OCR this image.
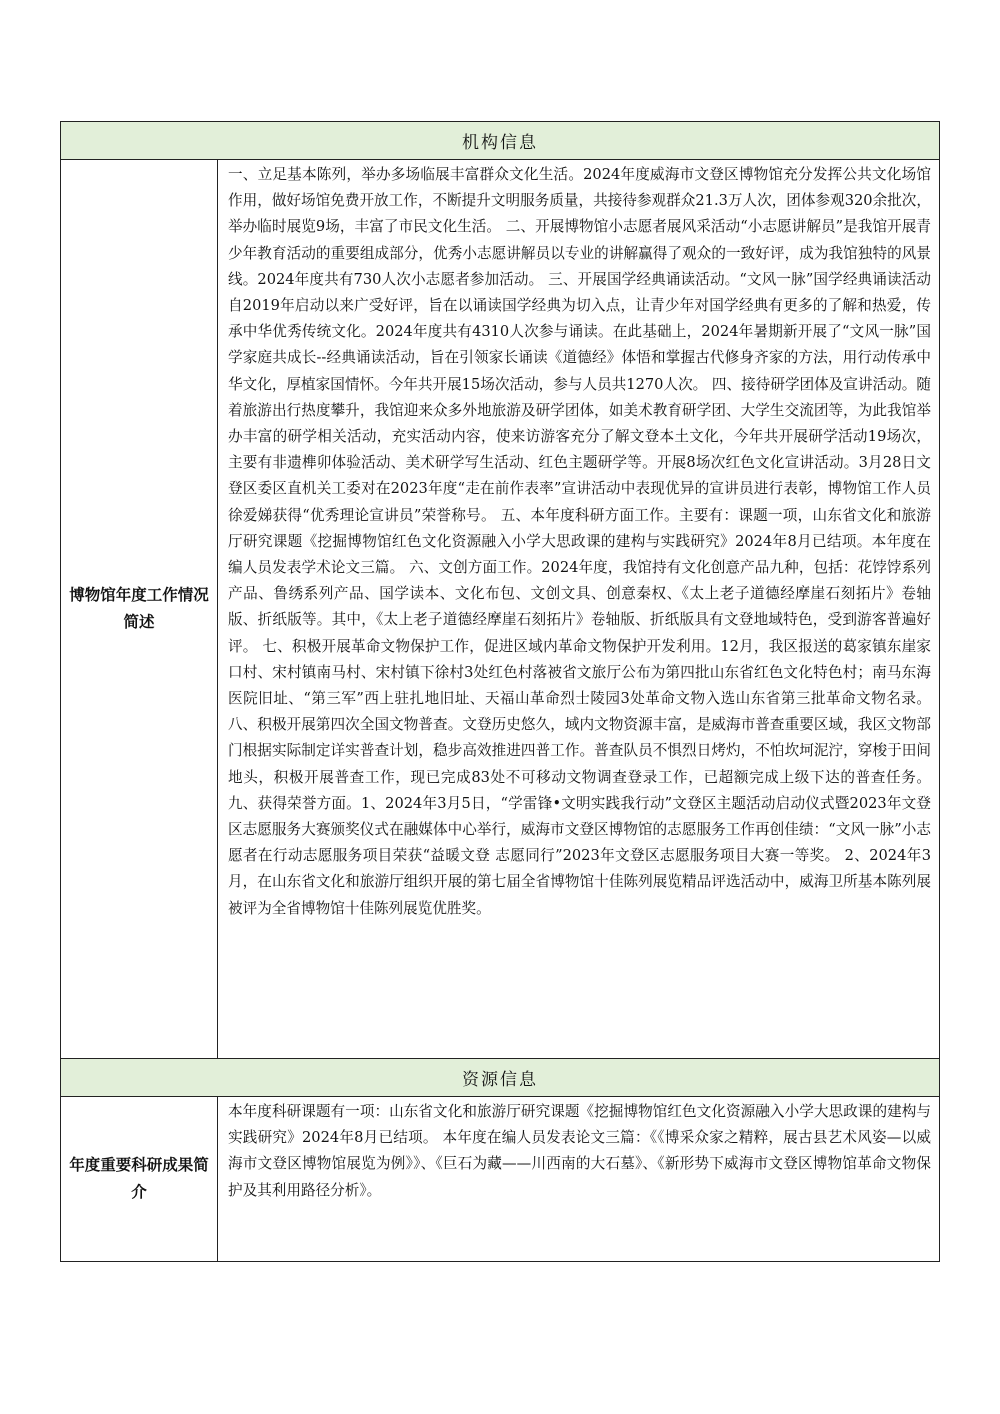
机构信息	
博物馆年度工作情况简述	一、立足基本陈列，举办多场临展丰富群众文化生活。2024年度威海市文登区博物馆充分发挥公共文化场馆作用，做好场馆免费开放工作，不断提升文明服务质量，共接待参观群众21.3万人次，团体参观320余批次，举办临时展览9场，丰富了市民文化生活。 二、开展博物馆小志愿者展风采活动“小志愿讲解员”是我馆开展青少年教育活动的重要组成部分，优秀小志愿讲解员以专业的讲解赢得了观众的一致好评，成为我馆独特的风景线。2024年度共有730人次小志愿者参加活动。 三、开展国学经典诵读活动。“文风一脉”国学经典诵读活动自2019年启动以来广受好评，旨在以诵读国学经典为切入点，让青少年对国学经典有更多的了解和热爱，传承中华优秀传统文化。2024年度共有4310人次参与诵读。在此基础上，2024年暑期新开展了“文风一脉”国学家庭共成长--经典诵读活动，旨在引领家长诵读《道德经》体悟和掌握古代修身齐家的方法，用行动传承中华文化，厚植家国情怀。今年共开展15场次活动，参与人员共1270人次。 四、接待研学团体及宣讲活动。随着旅游出行热度攀升，我馆迎来众多外地旅游及研学团体，如美术教育研学团、大学生交流团等，为此我馆举办丰富的研学相关活动，充实活动内容，使来访游客充分了解文登本土文化，今年共开展研学活动19场次，主要有非遗榫卯体验活动、美术研学写生活动、红色主题研学等。开展8场次红色文化宣讲活动。3月28日文登区委区直机关工委对在2023年度“走在前作表率”宣讲活动中表现优异的宣讲员进行表彰，博物馆工作人员徐爱娣获得“优秀理论宣讲员”荣誉称号。 五、本年度科研方面工作。主要有：课题一项，山东省文化和旅游厅研究课题《挖掘博物馆红色文化资源融入小学大思政课的建构与实践研究》2024年8月已结项。本年度在编人员发表学术论文三篇。 六、文创方面工作。2024年度，我馆持有文化创意产品九种，包括：花饽饽系列产品、鲁绣系列产品、国学读本、文化布包、文创文具、创意秦权、《太上老子道德经摩崖石刻拓片》卷轴版、折纸版等。其中，《太上老子道德经摩崖石刻拓片》卷轴版、折纸版具有文登地域特色，受到游客普遍好评。 七、积极开展革命文物保护工作，促进区域内革命文物保护开发利用。12月，我区报送的葛家镇东崖家口村、宋村镇南马村、宋村镇下徐村3处红色村落被省文旅厅公布为第四批山东省红色文化特色村；南马东海医院旧址、“第三军”西上驻扎地旧址、天福山革命烈士陵园3处革命文物入选山东省第三批革命文物名录。 八、积极开展第四次全国文物普查。文登历史悠久，域内文物资源丰富，是威海市普查重要区域，我区文物部门根据实际制定详实普查计划，稳步高效推进四普工作。普查队员不惧烈日烤灼，不怕坎坷泥泞，穿梭于田间地头，积极开展普查工作，现已完成83处不可移动文物调查登录工作，已超额完成上级下达的普查任务。 九、获得荣誉方面。1、2024年3月5日，“学雷锋•文明实践我行动”文登区主题活动启动仪式暨2023年文登区志愿服务大赛颁奖仪式在融媒体中心举行，威海市文登区博物馆的志愿服务工作再创佳绩：“文风一脉”小志愿者在行动志愿服务项目荣获“益暖文登 志愿同行”2023年文登区志愿服务项目大赛一等奖。 2、2024年3月，在山东省文化和旅游厅组织开展的第七届全省博物馆十佳陈列展览精品评选活动中，威海卫所基本陈列展被评为全省博物馆十佳陈列展览优胜奖。
资源信息	
年度重要科研成果简介	本年度科研课题有一项：山东省文化和旅游厅研究课题《挖掘博物馆红色文化资源融入小学大思政课的建构与实践研究》2024年8月已结项。 本年度在编人员发表论文三篇：《《博采众家之精粹，展古县艺术风姿—以威海市文登区博物馆展览为例》》、《巨石为藏——川西南的大石墓》、《新形势下威海市文登区博物馆革命文物保护及其利用路径分析》。
